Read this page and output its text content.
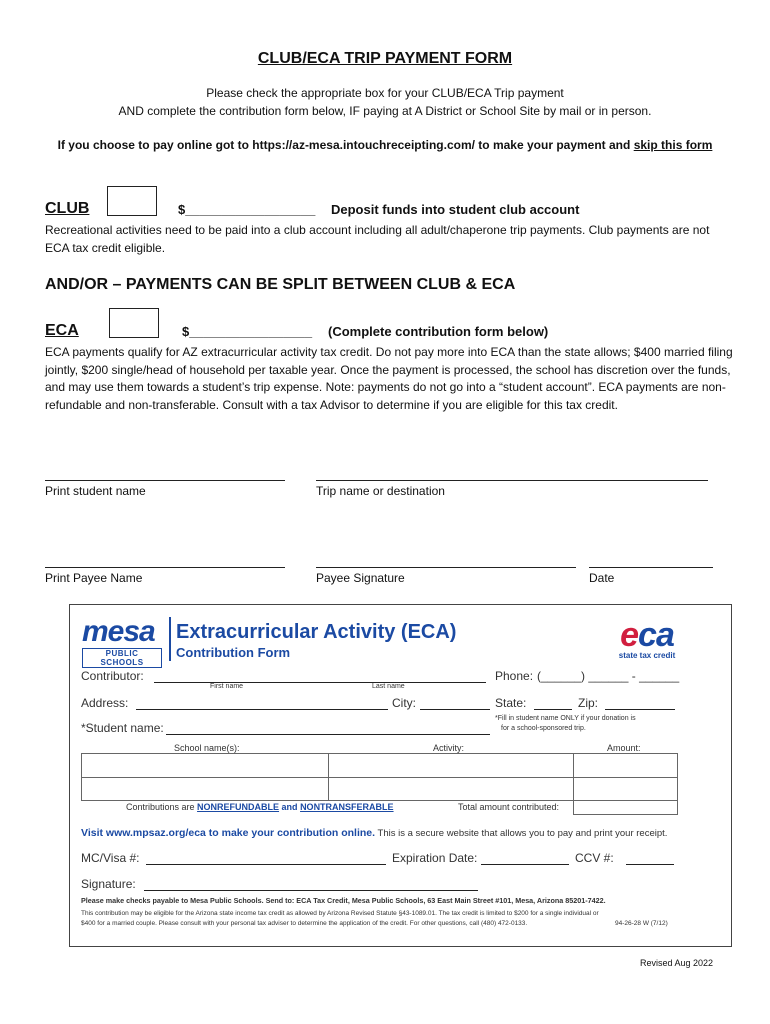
CLUB/ECA TRIP PAYMENT FORM
Please check the appropriate box for your CLUB/ECA Trip payment
AND complete the contribution form below, IF paying at A District or School Site by mail or in person.
If you choose to pay online got to https://az-mesa.intouchreceipting.com/ to make your payment and skip this form
CLUB	$__________________ Deposit funds into student club account
Recreational activities need to be paid into a club account including all adult/chaperone trip payments. Club payments are not ECA tax credit eligible.
AND/OR – PAYMENTS CAN BE SPLIT BETWEEN CLUB & ECA
ECA	$_________________ (Complete contribution form below)
ECA payments qualify for AZ extracurricular activity tax credit. Do not pay more into ECA than the state allows; $400 married filing jointly, $200 single/head of household per taxable year. Once the payment is processed, the school has discretion over the funds, and may use them towards a student’s trip expense. Note: payments do not go into a “student account”. ECA payments are non-refundable and non-transferable. Consult with a tax Advisor to determine if you are eligible for this tax credit.
Print student name	Trip name or destination
Print Payee Name	Payee Signature	Date
mesa
PUBLIC SCHOOLS
Extracurricular Activity (ECA)
Contribution Form	eca
state tax credit
Contributor:
First name	Last name
Phone: (______) ______ - ______
Address:	City:	State:	Zip:
*Student name:
*Fill in student name ONLY if your donation is
for a school-sponsored trip.
School name(s):	Activity:	Amount:
Contributions are NONREFUNDABLE and NONTRANSFERABLE	Total amount contributed:
Visit www.mpsaz.org/eca to make your contribution online. This is a secure website that allows you to pay and print your receipt.
MC/Visa #:	Expiration Date:	CCV #:
Signature:
Please make checks payable to Mesa Public Schools. Send to: ECA Tax Credit, Mesa Public Schools, 63 East Main Street #101, Mesa, Arizona 85201-7422.
This contribution may be eligible for the Arizona state income tax credit as allowed by Arizona Revised Statute §43-1089.01. The tax credit is limited to $200 for a single individual or
$400 for a married couple. Please consult with your personal tax adviser to determine the application of the credit. For other questions, call (480) 472-0133.	94-26-28 W (7/12)
Revised Aug 2022
